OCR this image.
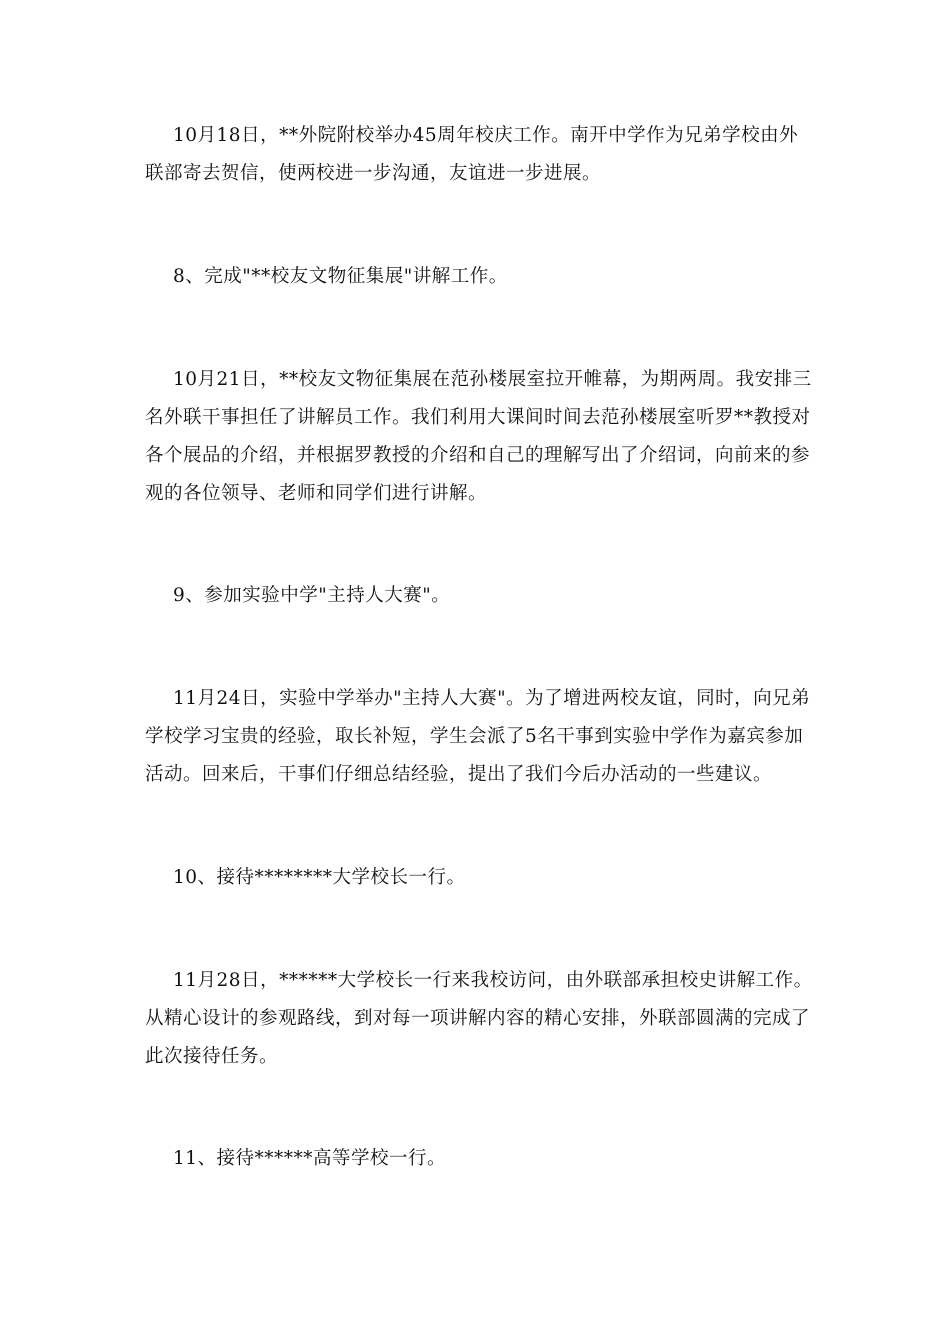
10月18日，**外院附校举办45周年校庆工作。南开中学作为兄弟学校由外联部寄去贺信，使两校进一步沟通，友谊进一步进展。

8、完成"**校友文物征集展"讲解工作。

10月21日，**校友文物征集展在范孙楼展室拉开帷幕，为期两周。我安排三名外联干事担任了讲解员工作。我们利用大课间时间去范孙楼展室听罗**教授对各个展品的介绍，并根据罗教授的介绍和自己的理解写出了介绍词，向前来的参观的各位领导、老师和同学们进行讲解。

9、参加实验中学"主持人大赛"。

11月24日，实验中学举办"主持人大赛"。为了增进两校友谊，同时，向兄弟学校学习宝贵的经验，取长补短，学生会派了5名干事到实验中学作为嘉宾参加活动。回来后，干事们仔细总结经验，提出了我们今后办活动的一些建议。

10、接待********大学校长一行。

11月28日，******大学校长一行来我校访问，由外联部承担校史讲解工作。从精心设计的参观路线，到对每一项讲解内容的精心安排，外联部圆满的完成了此次接待任务。

11、接待******高等学校一行。
